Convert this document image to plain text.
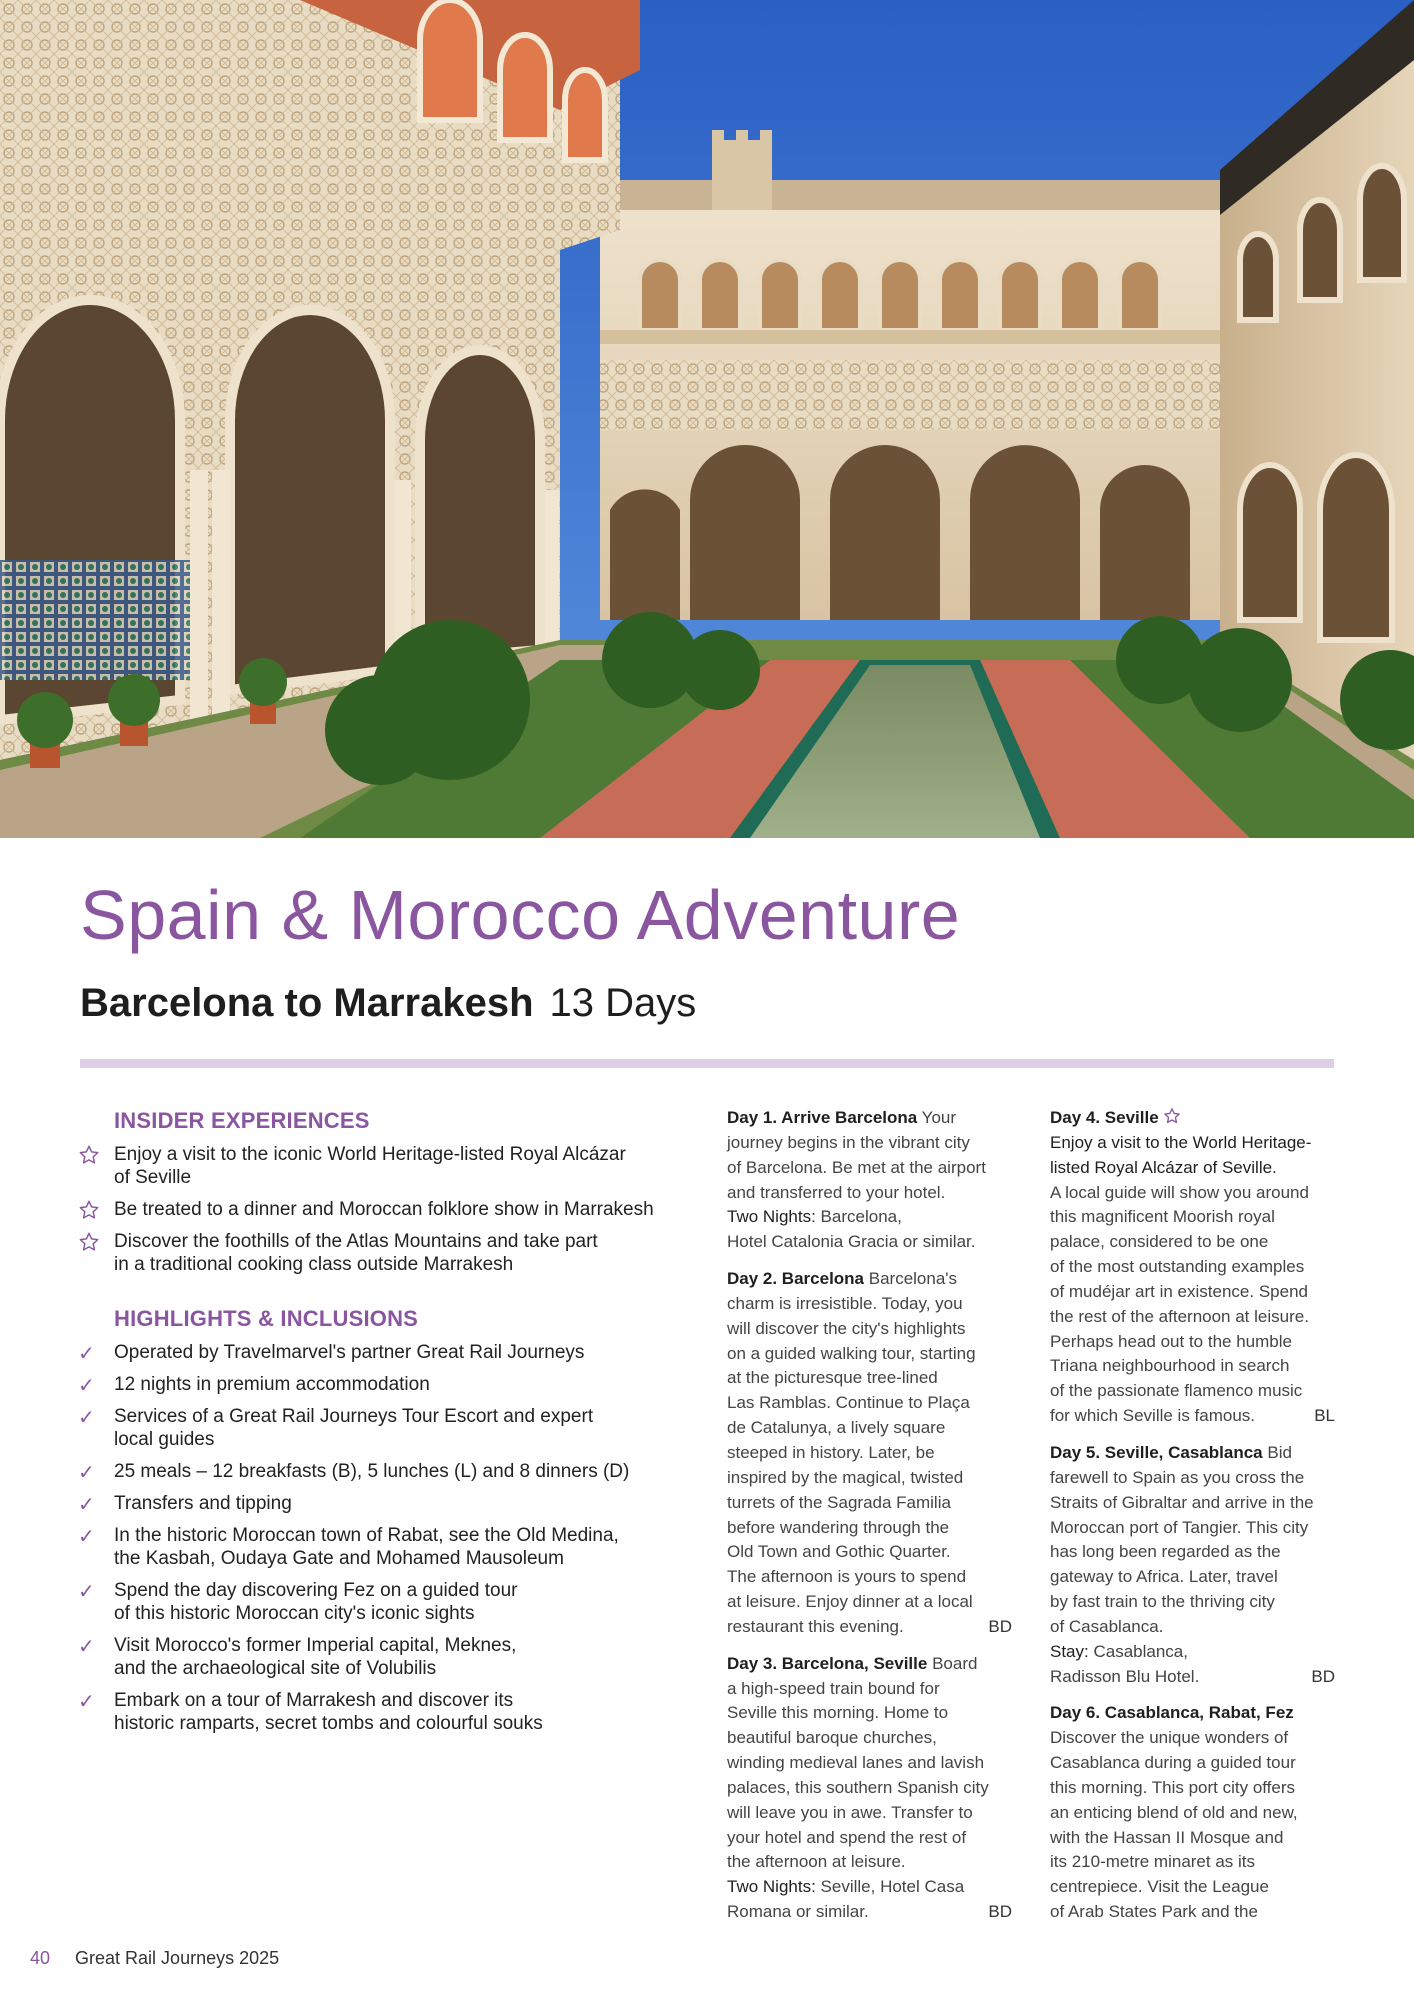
Spain & Morocco Adventure
Barcelona to Marrakesh 13 Days
INSIDER EXPERIENCES
Enjoy a visit to the iconic World Heritage-listed Royal Alcázar
of Seville
Be treated to a dinner and Moroccan folklore show in Marrakesh
Discover the foothills of the Atlas Mountains and take part
in a traditional cooking class outside Marrakesh
HIGHLIGHTS & INCLUSIONS
✓	Operated by Travelmarvel's partner Great Rail Journeys
✓	12 nights in premium accommodation
✓	Services of a Great Rail Journeys Tour Escort and expert
local guides
✓	25 meals – 12 breakfasts (B), 5 lunches (L) and 8 dinners (D)
✓	Transfers and tipping
✓	In the historic Moroccan town of Rabat, see the Old Medina,
the Kasbah, Oudaya Gate and Mohamed Mausoleum
✓	Spend the day discovering Fez on a guided tour
of this historic Moroccan city's iconic sights
✓	Visit Morocco's former Imperial capital, Meknes,
and the archaeological site of Volubilis
✓	Embark on a tour of Marrakesh and discover its
historic ramparts, secret tombs and colourful souks
Day 1. Arrive Barcelona Your
journey begins in the vibrant city
of Barcelona. Be met at the airport
and transferred to your hotel.
Two Nights: Barcelona,
Hotel Catalonia Gracia or similar.
Day 2. Barcelona Barcelona's
charm is irresistible. Today, you
will discover the city's highlights
on a guided walking tour, starting
at the picturesque tree-lined
Las Ramblas. Continue to Plaça
de Catalunya, a lively square
steeped in history. Later, be
inspired by the magical, twisted
turrets of the Sagrada Familia
before wandering through the
Old Town and Gothic Quarter.
The afternoon is yours to spend
at leisure. Enjoy dinner at a local
restaurant this evening.	BD
Day 3. Barcelona, Seville Board
a high-speed train bound for
Seville this morning. Home to
beautiful baroque churches,
winding medieval lanes and lavish
palaces, this southern Spanish city
will leave you in awe. Transfer to
your hotel and spend the rest of
the afternoon at leisure.
Two Nights: Seville, Hotel Casa
Romana or similar.	BD
Day 4. Seville
Enjoy a visit to the World Heritage-
listed Royal Alcázar of Seville.
A local guide will show you around
this magnificent Moorish royal
palace, considered to be one
of the most outstanding examples
of mudéjar art in existence. Spend
the rest of the afternoon at leisure.
Perhaps head out to the humble
Triana neighbourhood in search
of the passionate flamenco music
for which Seville is famous.	BL
Day 5. Seville, Casablanca Bid
farewell to Spain as you cross the
Straits of Gibraltar and arrive in the
Moroccan port of Tangier. This city
has long been regarded as the
gateway to Africa. Later, travel
by fast train to the thriving city
of Casablanca.
Stay: Casablanca,
Radisson Blu Hotel.	BD
Day 6. Casablanca, Rabat, Fez
Discover the unique wonders of
Casablanca during a guided tour
this morning. This port city offers
an enticing blend of old and new,
with the Hassan II Mosque and
its 210-metre minaret as its
centrepiece. Visit the League
of Arab States Park and the
40 Great Rail Journeys 2025
